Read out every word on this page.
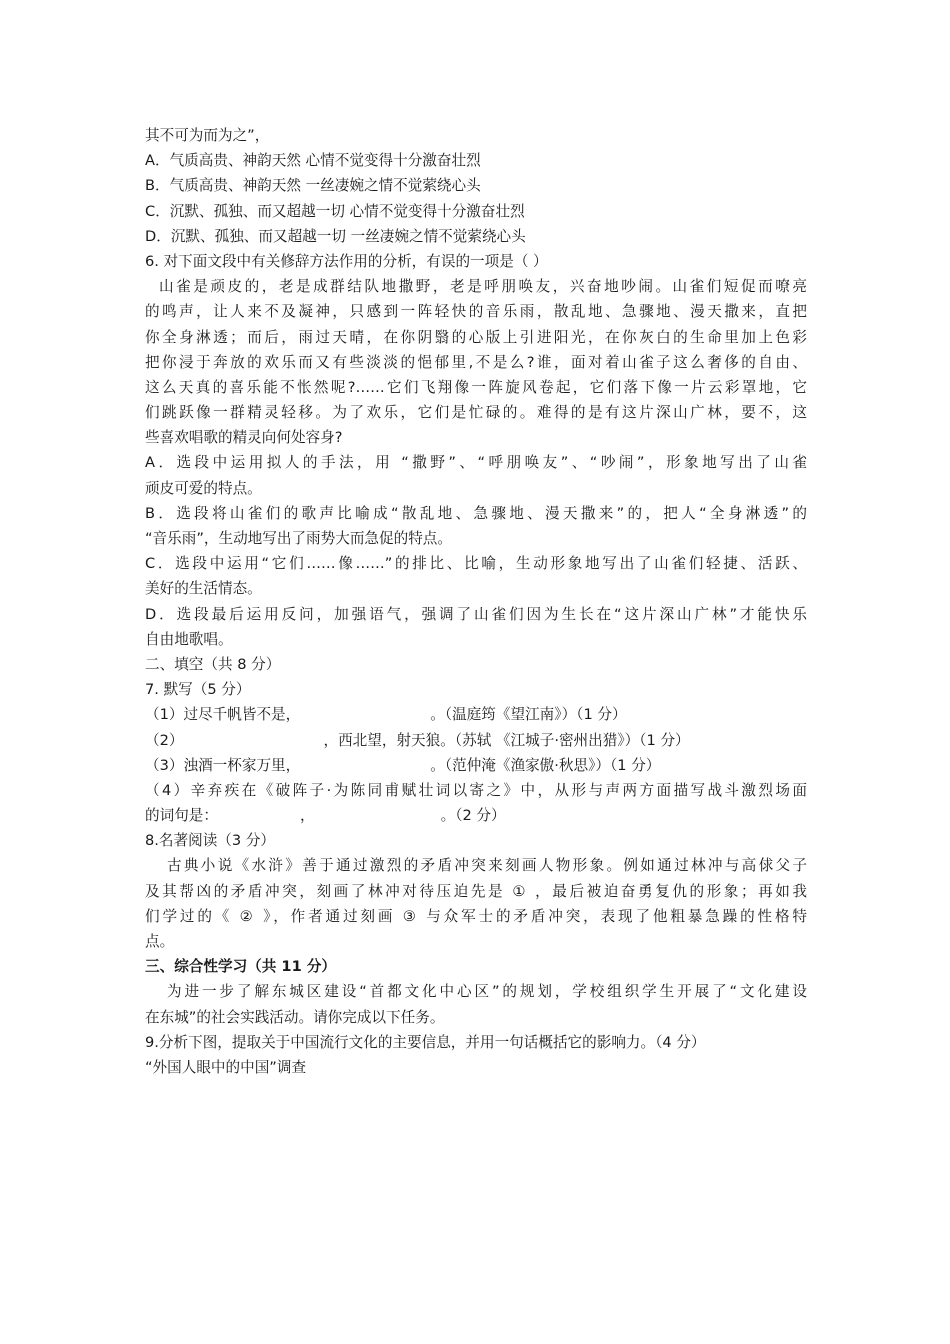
其不可为而为之”，
A．气质高贵、神韵天然 心情不觉变得十分激奋壮烈
B．气质高贵、神韵天然 一丝凄婉之情不觉萦绕心头
C．沉默、孤独、而又超越一切 心情不觉变得十分激奋壮烈
D．沉默、孤独、而又超越一切 一丝凄婉之情不觉萦绕心头
6. 对下面文段中有关修辞方法作用的分析，有误的一项是（ ）
山雀是顽皮的，老是成群结队地撒野，老是呼朋唤友，兴奋地吵闹。山雀们短促而嘹亮
的鸣声，让人来不及凝神，只感到一阵轻快的音乐雨，散乱地、急骤地、漫天撒来，直把
你全身淋透；而后，雨过天晴，在你阴翳的心版上引进阳光，在你灰白的生命里加上色彩
把你浸于奔放的欢乐而又有些淡淡的悒郁里,不是么?谁，面对着山雀子这么奢侈的自由、
这么天真的喜乐能不怅然呢?……它们飞翔像一阵旋风卷起，它们落下像一片云彩罩地，它
们跳跃像一群精灵轻移。为了欢乐，它们是忙碌的。难得的是有这片深山广林，要不，这
些喜欢唱歌的精灵向何处容身?
A．选段中运用拟人的手法，用 “撒野”、“呼朋唤友”、“吵闹”，形象地写出了山雀
顽皮可爱的特点。
B．选段将山雀们的歌声比喻成“散乱地、急骤地、漫天撒来”的，把人“全身淋透”的
“音乐雨”，生动地写出了雨势大而急促的特点。
C．选段中运用“它们……像……”的排比、比喻，生动形象地写出了山雀们轻捷、活跃、
美好的生活情态。
D．选段最后运用反问，加强语气，强调了山雀们因为生长在“这片深山广林”才能快乐
自由地歌唱。
二、填空（共 8 分）
7. 默写（5 分）
（1）过尽千帆皆不是，	。（温庭筠《望江南》）（1 分）
（2）	，西北望，射天狼。（苏轼 《江城子·密州出猎》）（1 分）
（3）浊酒一杯家万里，	。（范仲淹《渔家傲·秋思》）（1 分）
（4）辛弃疾在《破阵子·为陈同甫赋壮词以寄之》中，从形与声两方面描写战斗激烈场面
的词句是：	，	。（2 分）
8.名著阅读（3 分）
古典小说《水浒》善于通过激烈的矛盾冲突来刻画人物形象。例如通过林冲与高俅父子
及其帮凶的矛盾冲突，刻画了林冲对待压迫先是 ① ，最后被迫奋勇复仇的形象；再如我
们学过的《 ② 》，作者通过刻画 ③ 与众军士的矛盾冲突，表现了他粗暴急躁的性格特
点。
三、综合性学习（共 11 分）
为进一步了解东城区建设“首都文化中心区”的规划，学校组织学生开展了“文化建设
在东城”的社会实践活动。请你完成以下任务。
9.分析下图，提取关于中国流行文化的主要信息，并用一句话概括它的影响力。（4 分）
“外国人眼中的中国”调查
